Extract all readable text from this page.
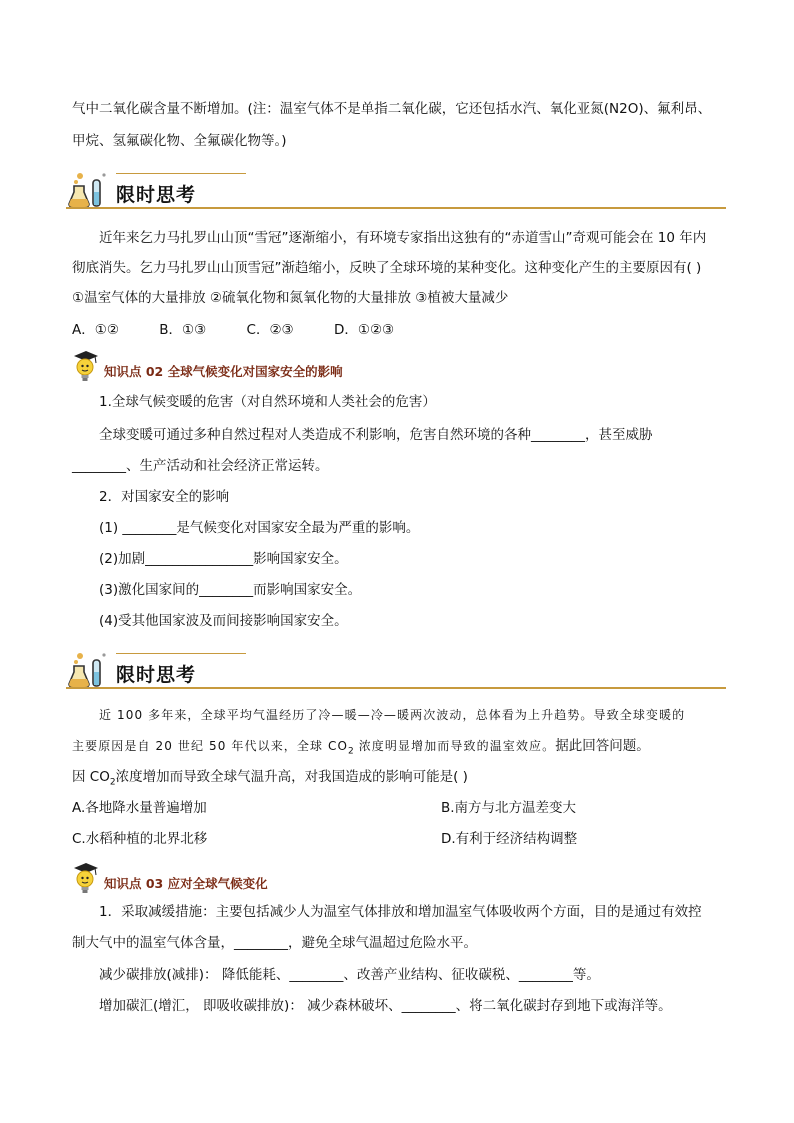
气中二氧化碳含量不断增加。(注：温室气体不是单指二氧化碳，它还包括水汽、氧化亚氮(N2O)、氟利昂、
甲烷、氢氟碳化物、全氟碳化物等。)
限时思考
近年来乞力马扎罗山山顶“雪冠”逐渐缩小，有环境专家指出这独有的“赤道雪山”奇观可能会在 10 年内
彻底消失。乞力马扎罗山山顶雪冠”渐趋缩小，反映了全球环境的某种变化。这种变化产生的主要原因有( )
①温室气体的大量排放 ②硫氧化物和氮氧化物的大量排放 ③植被大量减少
A．①②	B．①③	C．②③	D．①②③
知识点 02 全球气候变化对国家安全的影响
1.全球气候变暖的危害（对自然环境和人类社会的危害）
全球变暖可通过多种自然过程对人类造成不利影响，危害自然环境的各种________，甚至威胁
________、生产活动和社会经济正常运转。
2．对国家安全的影响
(1) ________是气候变化对国家安全最为严重的影响。
(2)加剧________________影响国家安全。
(3)激化国家间的________而影响国家安全。
(4)受其他国家波及而间接影响国家安全。
限时思考
近 100 多年来，全球平均气温经历了冷—暖—冷—暖两次波动，总体看为上升趋势。导致全球变暖的
主要原因是自 20 世纪 50 年代以来，全球 $CO_2$ 浓度明显增加而导致的温室效应。据此回答问题。
因 $CO_2$浓度增加而导致全球气温升高，对我国造成的影响可能是( )
A.各地降水量普遍增加	B.南方与北方温差变大
C.水稻种植的北界北移	D.有利于经济结构调整
知识点 03 应对全球气候变化
1．采取减缓措施：主要包括减少人为温室气体排放和增加温室气体吸收两个方面，目的是通过有效控
制大气中的温室气体含量，________，避免全球气温超过危险水平。
减少碳排放(减排)： 降低能耗、________、改善产业结构、征收碳税、________等。
增加碳汇(增汇， 即吸收碳排放)： 减少森林破坏、________、将二氧化碳封存到地下或海洋等。
